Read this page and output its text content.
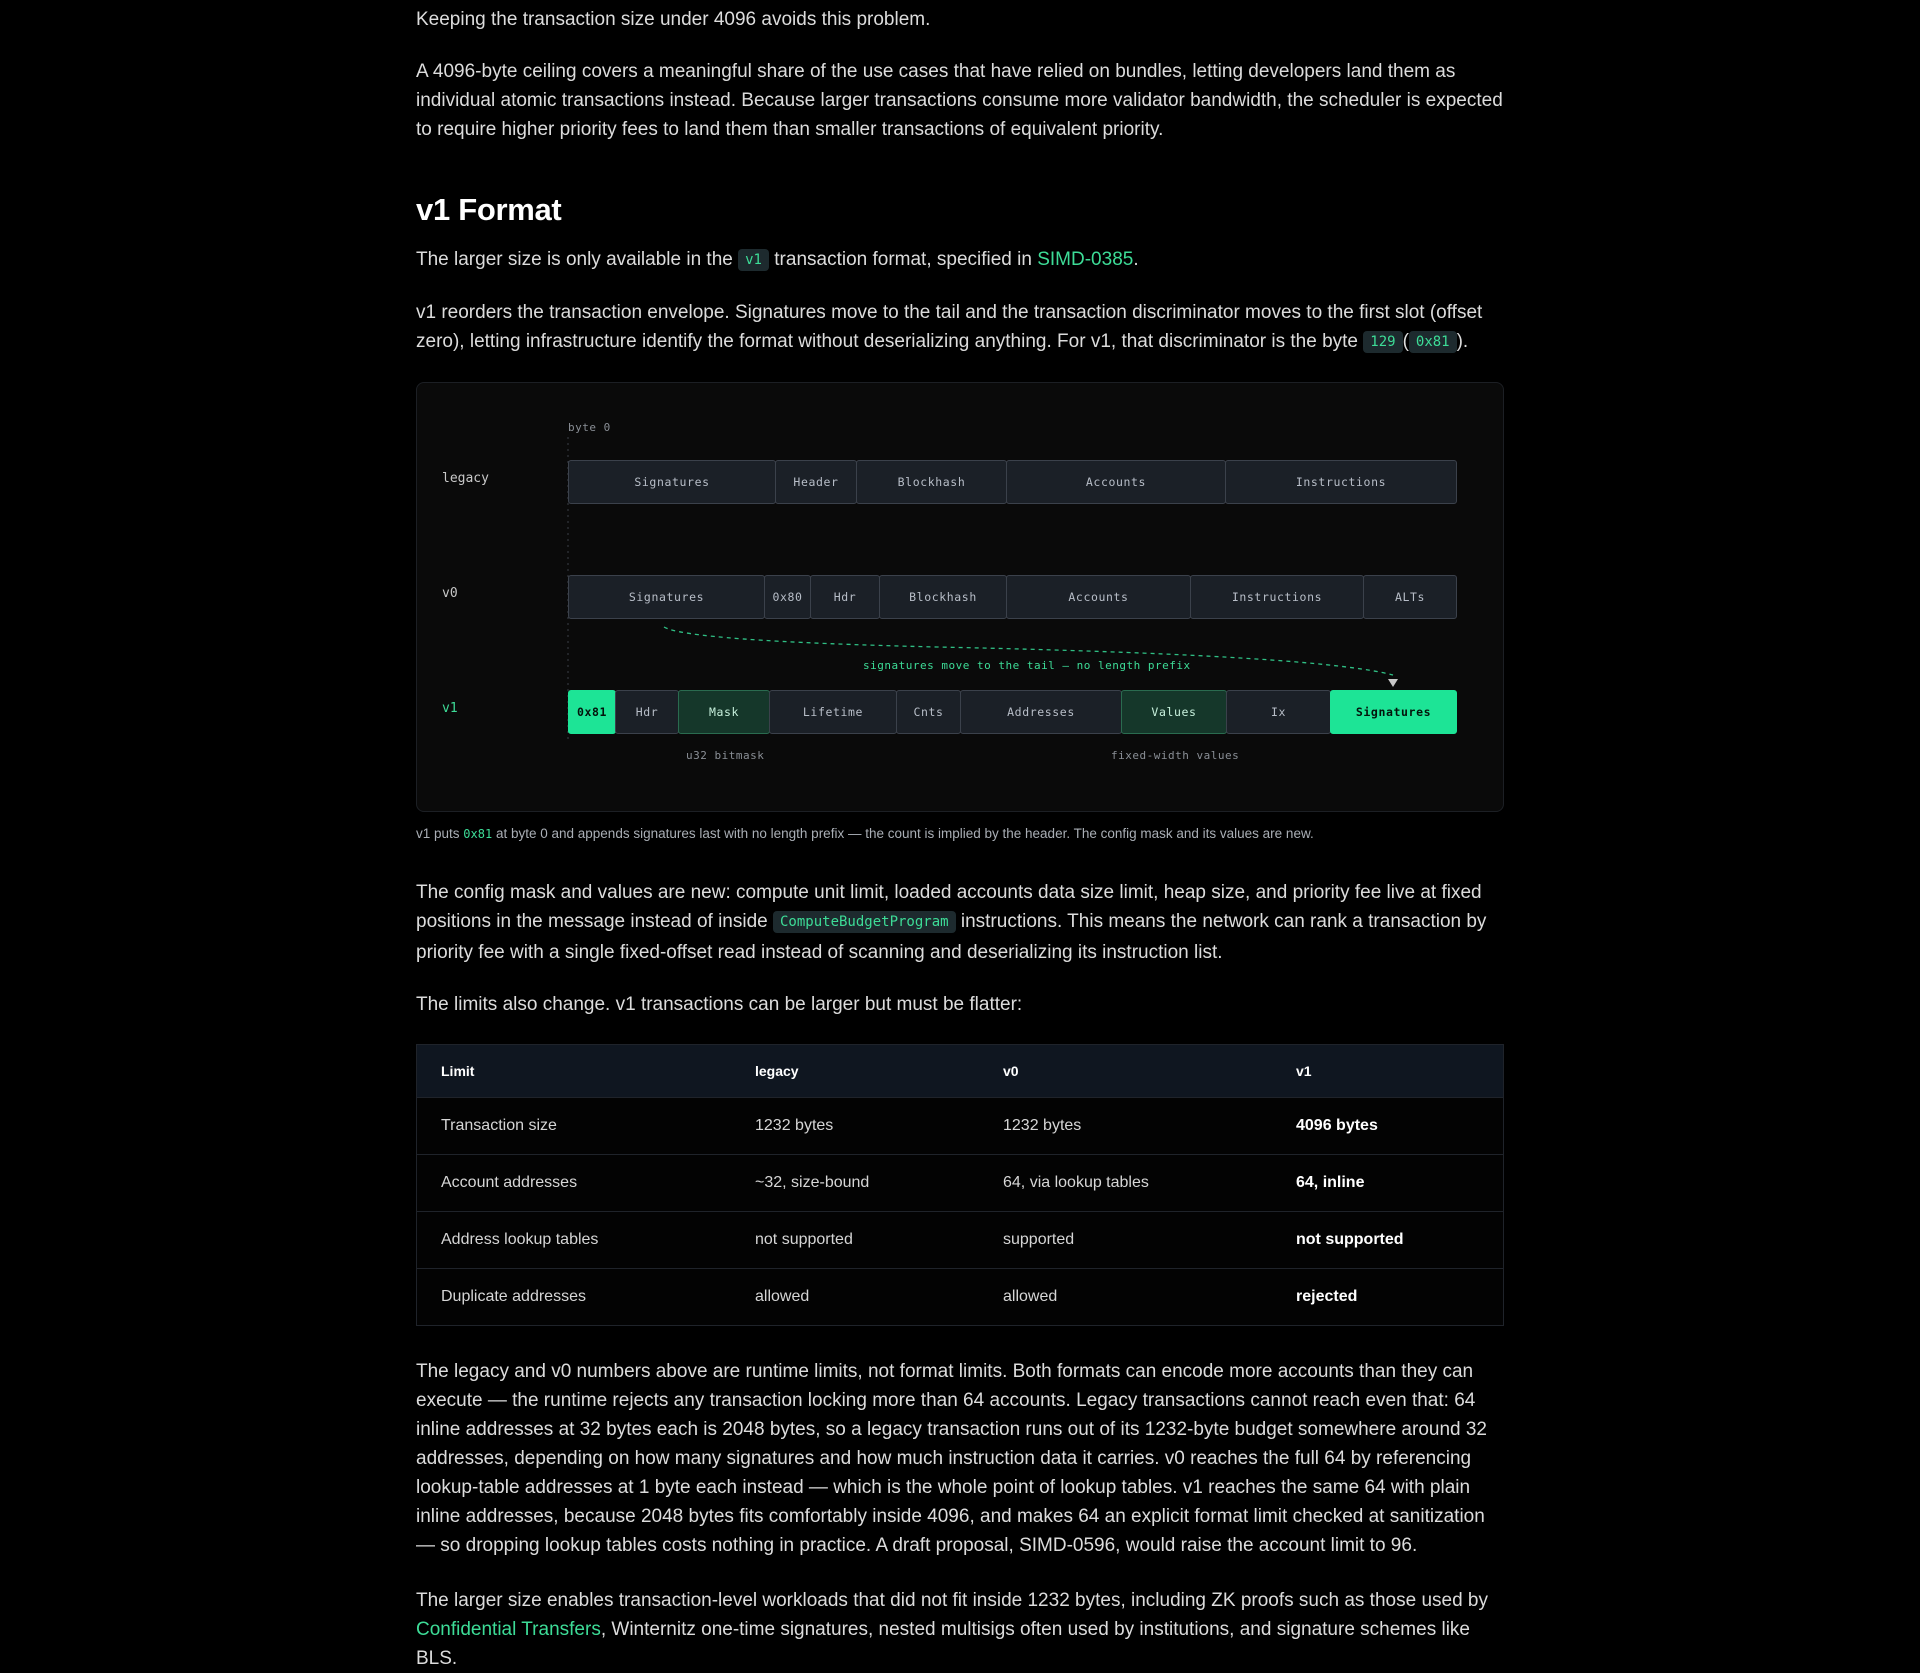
Keeping the transaction size under 4096 avoids this problem.

A 4096-byte ceiling covers a meaningful share of the use cases that have relied on bundles, letting developers land them as individual atomic transactions instead. Because larger transactions consume more validator bandwidth, the scheduler is expected to require higher priority fees to land them than smaller transactions of equivalent priority.

v1 Format

The larger size is only available in the v1 transaction format, specified in SIMD-0385.

v1 reorders the transaction envelope. Signatures move to the tail and the transaction discriminator moves to the first slot (offset zero), letting infrastructure identify the format without deserializing anything. For v1, that discriminator is the byte 129 ( 0x81 ).

byte 0
legacy
v0
v1
Signatures	Header	Blockhash	Accounts	Instructions
Signatures	0x80	Hdr	Blockhash	Accounts	Instructions	ALTs
signatures move to the tail — no length prefix
0x81	Hdr	Mask	Lifetime	Cnts	Addresses	Values	Ix	Signatures
u32 bitmask	fixed-width values
v1 puts 0x81 at byte 0 and appends signatures last with no length prefix — the count is implied by the header. The config mask and its values are new.

The config mask and values are new: compute unit limit, loaded accounts data size limit, heap size, and priority fee live at fixed positions in the message instead of inside ComputeBudgetProgram instructions. This means the network can rank a transaction by priority fee with a single fixed-offset read instead of scanning and deserializing its instruction list.

The limits also change. v1 transactions can be larger but must be flatter:

Limit	legacy	v0	v1
Transaction size	1232 bytes	1232 bytes	4096 bytes
Account addresses	~32, size-bound	64, via lookup tables	64, inline
Address lookup tables	not supported	supported	not supported
Duplicate addresses	allowed	allowed	rejected

The legacy and v0 numbers above are runtime limits, not format limits. Both formats can encode more accounts than they can execute — the runtime rejects any transaction locking more than 64 accounts. Legacy transactions cannot reach even that: 64 inline addresses at 32 bytes each is 2048 bytes, so a legacy transaction runs out of its 1232-byte budget somewhere around 32 addresses, depending on how many signatures and how much instruction data it carries. v0 reaches the full 64 by referencing lookup-table addresses at 1 byte each instead — which is the whole point of lookup tables. v1 reaches the same 64 with plain inline addresses, because 2048 bytes fits comfortably inside 4096, and makes 64 an explicit format limit checked at sanitization — so dropping lookup tables costs nothing in practice. A draft proposal, SIMD-0596, would raise the account limit to 96.

The larger size enables transaction-level workloads that did not fit inside 1232 bytes, including ZK proofs such as those used by Confidential Transfers, Winternitz one-time signatures, nested multisigs often used by institutions, and signature schemes like BLS.
